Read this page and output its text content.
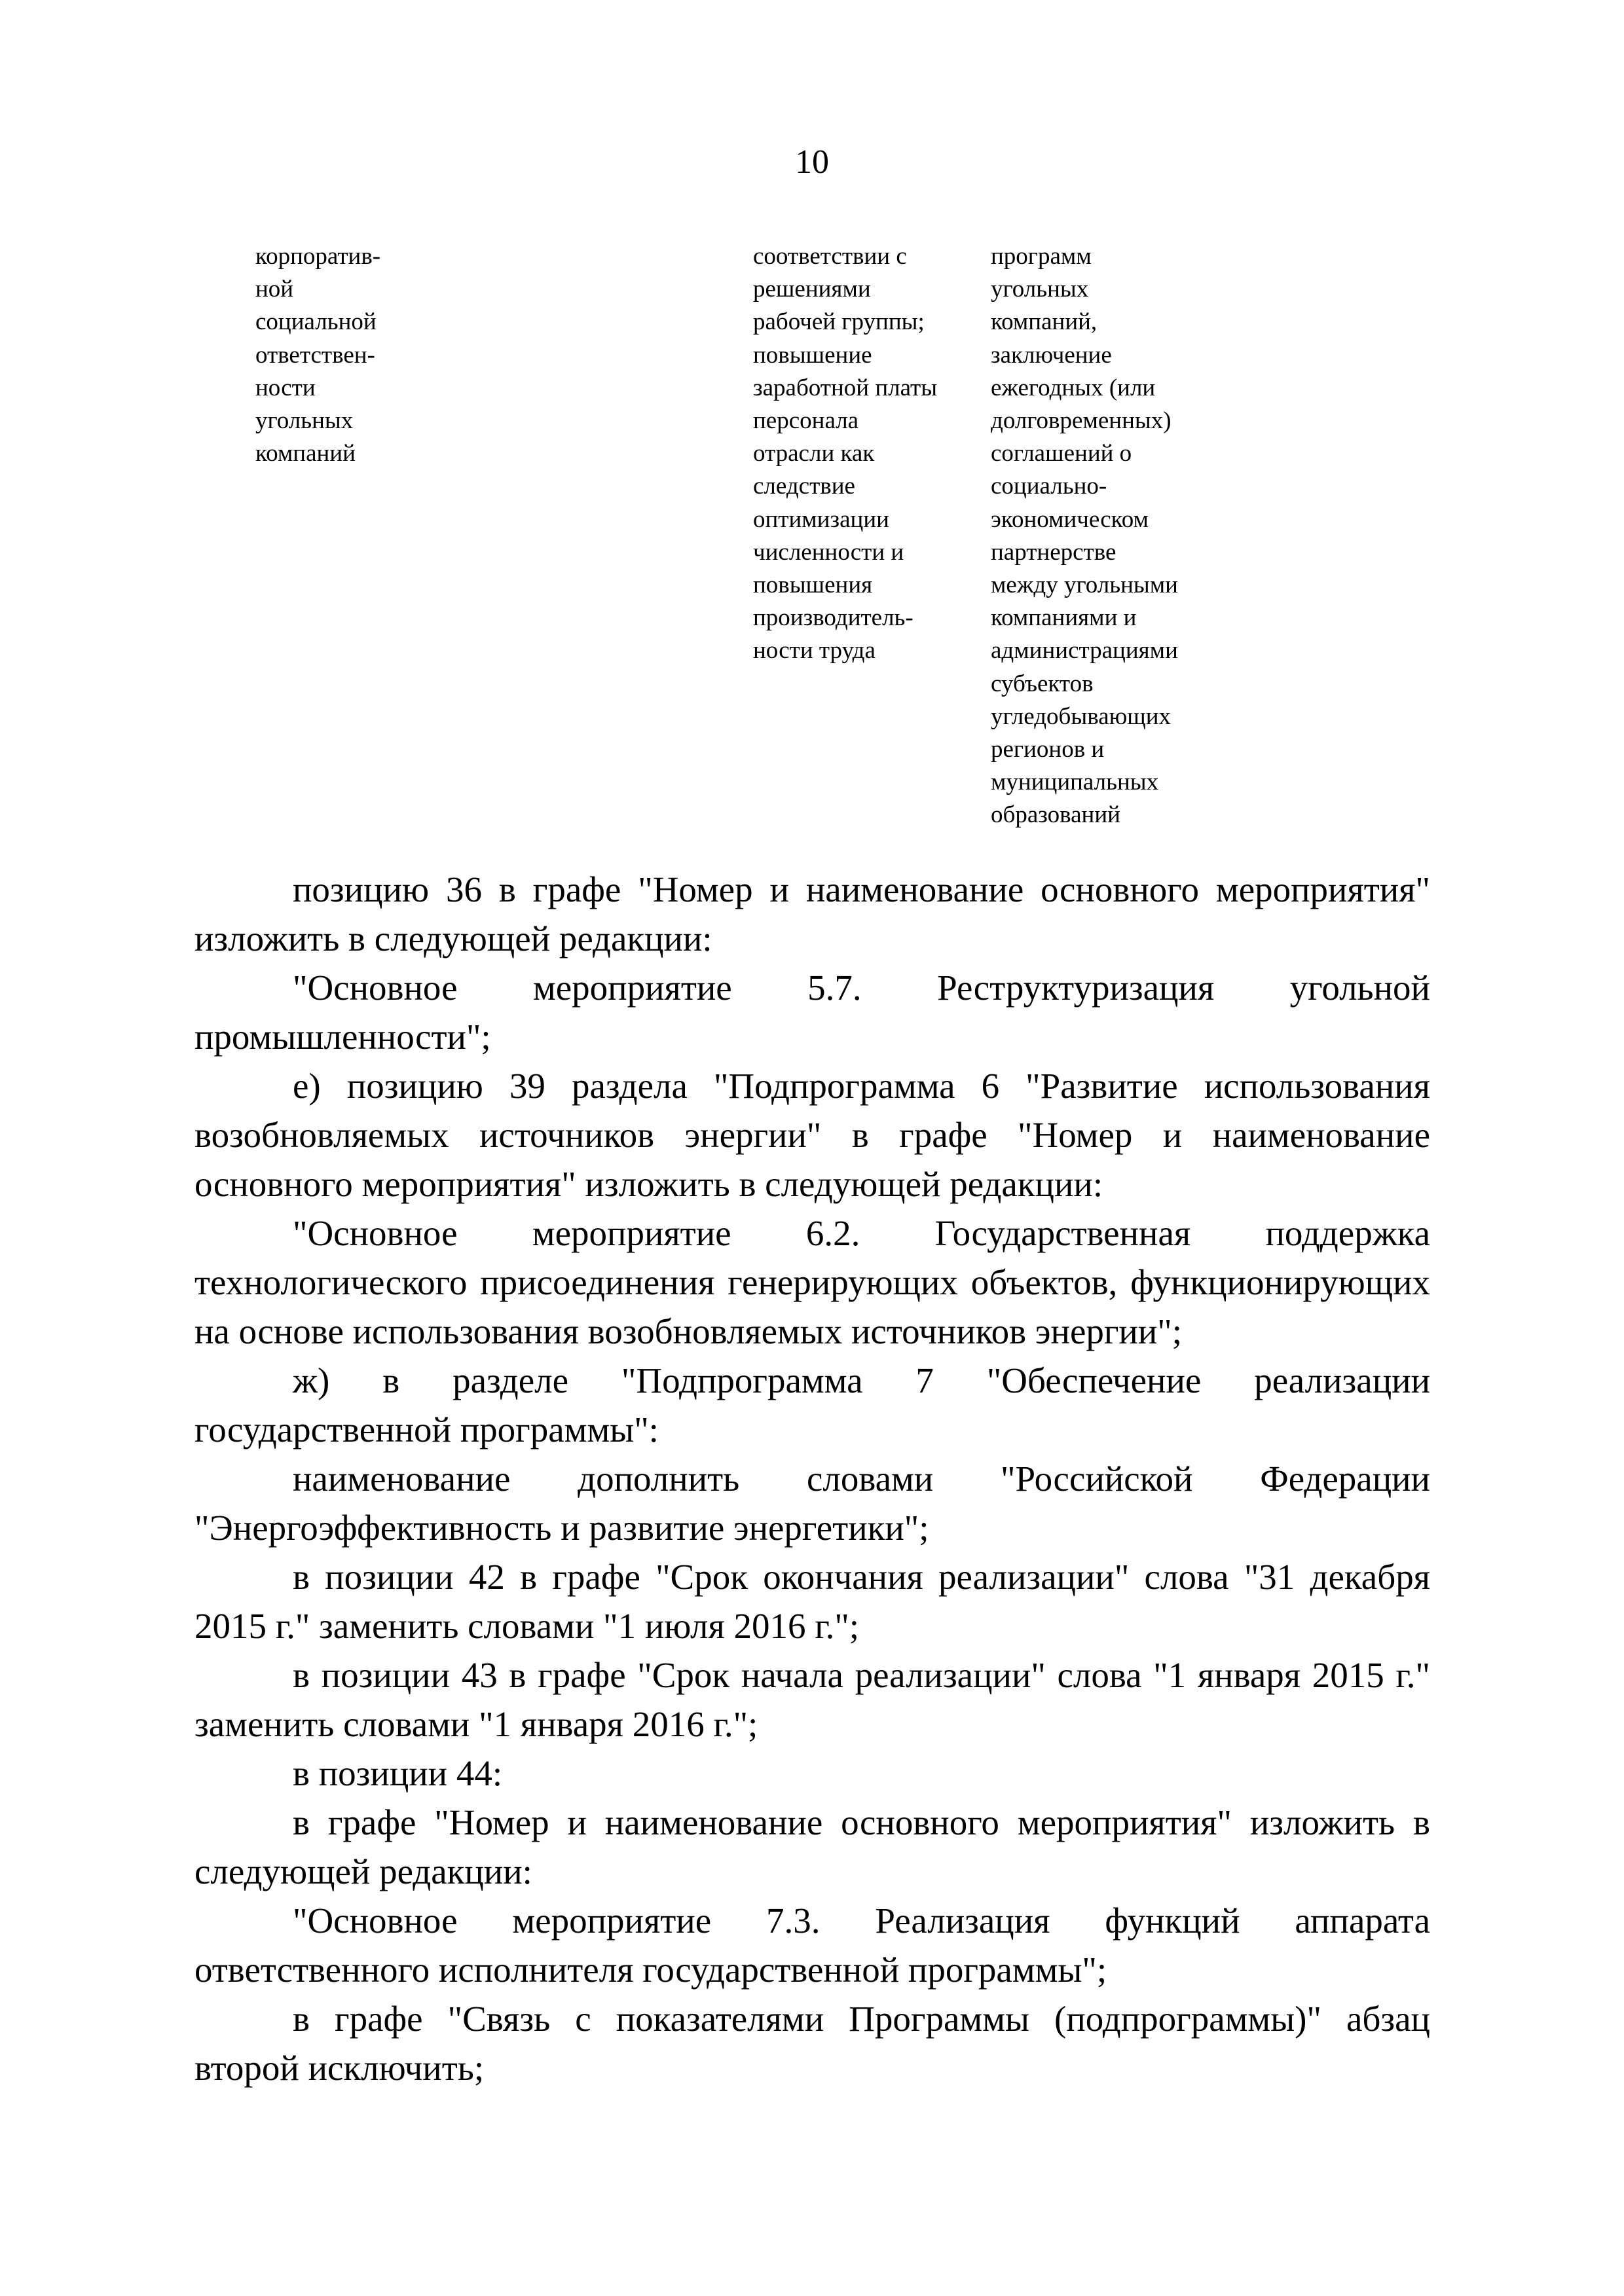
10
корпоратив-
ной
социальной
ответствен-
ности
угольных
компаний
соответствии с
решениями
рабочей группы;
повышение
заработной платы
персонала
отрасли как
следствие
оптимизации
численности и
повышения
производитель-
ности труда
программ
угольных
компаний,
заключение
ежегодных (или
долговременных)
соглашений о
социально-
экономическом
партнерстве
между угольными
компаниями и
администрациями
субъектов
угледобывающих
регионов и
муниципальных
образований

позицию 36 в графе "Номер и наименование основного мероприятия" изложить в следующей редакции:

"Основное мероприятие 5.7. Реструктуризация угольной промышленности";

е) позицию 39 раздела "Подпрограмма 6 "Развитие использования возобновляемых источников энергии" в графе "Номер и наименование основного мероприятия" изложить в следующей редакции:

"Основное мероприятие 6.2. Государственная поддержка технологического присоединения генерирующих объектов, функционирующих на основе использования возобновляемых источников энергии";

ж) в разделе "Подпрограмма 7 "Обеспечение реализации государственной программы":

наименование дополнить словами "Российской Федерации "Энергоэффективность и развитие энергетики";

в позиции 42 в графе "Срок окончания реализации" слова "31 декабря 2015 г." заменить словами "1 июля 2016 г.";

в позиции 43 в графе "Срок начала реализации" слова "1 января 2015 г." заменить словами "1 января 2016 г.";

в позиции 44:

в графе "Номер и наименование основного мероприятия" изложить в следующей редакции:

"Основное мероприятие 7.3. Реализация функций аппарата ответственного исполнителя государственной программы";

в графе "Связь с показателями Программы (подпрограммы)" абзац второй исключить;
